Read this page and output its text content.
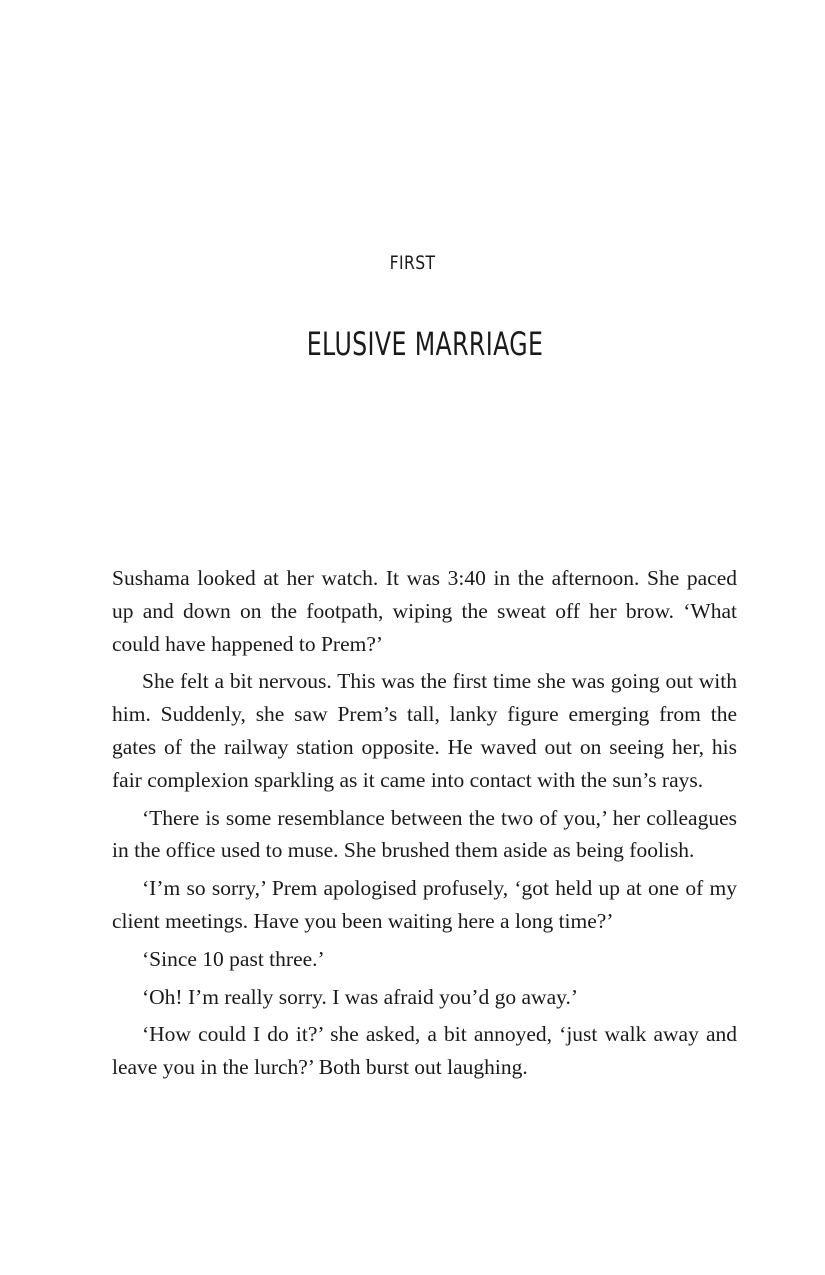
FIRST
ELUSIVE MARRIAGE

Sushama looked at her watch. It was 3:40 in the afternoon. She paced up and down on the footpath, wiping the sweat off her brow. ‘What could have happened to Prem?’

She felt a bit nervous. This was the first time she was going out with him. Suddenly, she saw Prem’s tall, lanky figure emerging from the gates of the railway station opposite. He waved out on seeing her, his fair complexion sparkling as it came into contact with the sun’s rays.

‘There is some resemblance between the two of you,’ her colleagues in the office used to muse. She brushed them aside as being foolish.

‘I’m so sorry,’ Prem apologised profusely, ‘got held up at one of my client meetings. Have you been waiting here a long time?’

‘Since 10 past three.’

‘Oh! I’m really sorry. I was afraid you’d go away.’

‘How could I do it?’ she asked, a bit annoyed, ‘just walk away and leave you in the lurch?’ Both burst out laughing.
